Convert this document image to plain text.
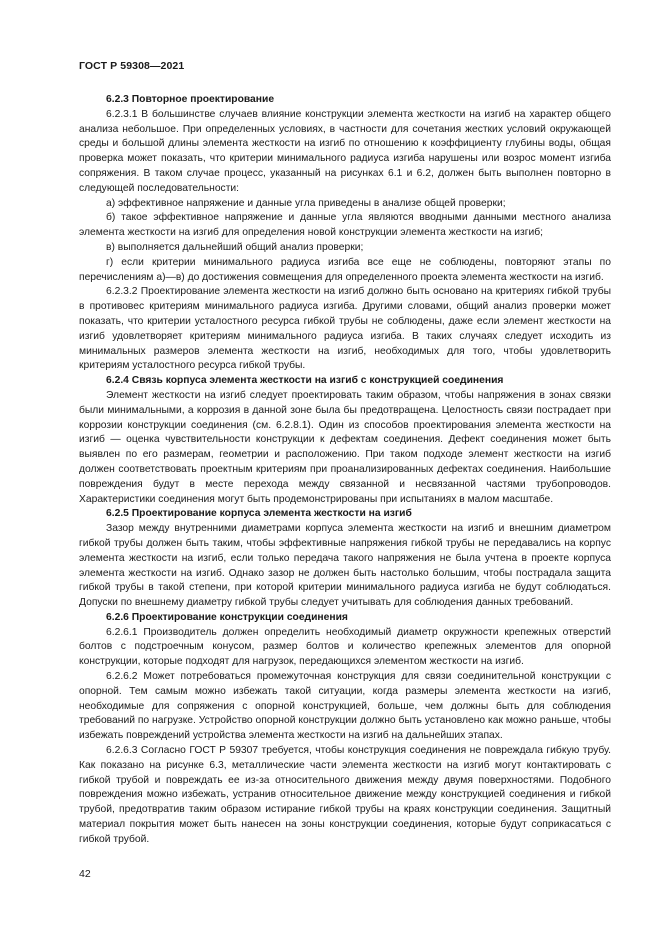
ГОСТ Р 59308—2021

6.2.3 Повторное проектирование

6.2.3.1 В большинстве случаев влияние конструкции элемента жесткости на изгиб на характер общего анализа небольшое. При определенных условиях, в частности для сочетания жестких условий окружающей среды и большой длины элемента жесткости на изгиб по отношению к коэффициенту глубины воды, общая проверка может показать, что критерии минимального радиуса изгиба нарушены или возрос момент изгиба сопряжения. В таком случае процесс, указанный на рисунках 6.1 и 6.2, должен быть выполнен повторно в следующей последовательности:

а) эффективное напряжение и данные угла приведены в анализе общей проверки;

б) такое эффективное напряжение и данные угла являются вводными данными местного анализа элемента жесткости на изгиб для определения новой конструкции элемента жесткости на изгиб;

в) выполняется дальнейший общий анализ проверки;

г) если критерии минимального радиуса изгиба все еще не соблюдены, повторяют этапы по перечислениям а)—в) до достижения совмещения для определенного проекта элемента жесткости на изгиб.

6.2.3.2 Проектирование элемента жесткости на изгиб должно быть основано на критериях гибкой трубы в противовес критериям минимального радиуса изгиба. Другими словами, общий анализ проверки может показать, что критерии усталостного ресурса гибкой трубы не соблюдены, даже если элемент жесткости на изгиб удовлетворяет критериям минимального радиуса изгиба. В таких случаях следует исходить из минимальных размеров элемента жесткости на изгиб, необходимых для того, чтобы удовлетворить критериям усталостного ресурса гибкой трубы.

6.2.4 Связь корпуса элемента жесткости на изгиб с конструкцией соединения

Элемент жесткости на изгиб следует проектировать таким образом, чтобы напряжения в зонах связки были минимальными, а коррозия в данной зоне была бы предотвращена. Целостность связи пострадает при коррозии конструкции соединения (см. 6.2.8.1). Один из способов проектирования элемента жесткости на изгиб — оценка чувствительности конструкции к дефектам соединения. Дефект соединения может быть выявлен по его размерам, геометрии и расположению. При таком подходе элемент жесткости на изгиб должен соответствовать проектным критериям при проанализированных дефектах соединения. Наибольшие повреждения будут в месте перехода между связанной и несвязанной частями трубопроводов. Характеристики соединения могут быть продемонстрированы при испытаниях в малом масштабе.

6.2.5 Проектирование корпуса элемента жесткости на изгиб

Зазор между внутренними диаметрами корпуса элемента жесткости на изгиб и внешним диаметром гибкой трубы должен быть таким, чтобы эффективные напряжения гибкой трубы не передавались на корпус элемента жесткости на изгиб, если только передача такого напряжения не была учтена в проекте корпуса элемента жесткости на изгиб. Однако зазор не должен быть настолько большим, чтобы пострадала защита гибкой трубы в такой степени, при которой критерии минимального радиуса изгиба не будут соблюдаться. Допуски по внешнему диаметру гибкой трубы следует учитывать для соблюдения данных требований.

6.2.6 Проектирование конструкции соединения

6.2.6.1 Производитель должен определить необходимый диаметр окружности крепежных отверстий болтов с подстроечным конусом, размер болтов и количество крепежных элементов для опорной конструкции, которые подходят для нагрузок, передающихся элементом жесткости на изгиб.

6.2.6.2 Может потребоваться промежуточная конструкция для связи соединительной конструкции с опорной. Тем самым можно избежать такой ситуации, когда размеры элемента жесткости на изгиб, необходимые для сопряжения с опорной конструкцией, больше, чем должны быть для соблюдения требований по нагрузке. Устройство опорной конструкции должно быть установлено как можно раньше, чтобы избежать повреждений устройства элемента жесткости на изгиб на дальнейших этапах.

6.2.6.3 Согласно ГОСТ Р 59307 требуется, чтобы конструкция соединения не повреждала гибкую трубу. Как показано на рисунке 6.3, металлические части элемента жесткости на изгиб могут контактировать с гибкой трубой и повреждать ее из-за относительного движения между двумя поверхностями. Подобного повреждения можно избежать, устранив относительное движение между конструкцией соединения и гибкой трубой, предотвратив таким образом истирание гибкой трубы на краях конструкции соединения. Защитный материал покрытия может быть нанесен на зоны конструкции соединения, которые будут соприкасаться с гибкой трубой.

42
